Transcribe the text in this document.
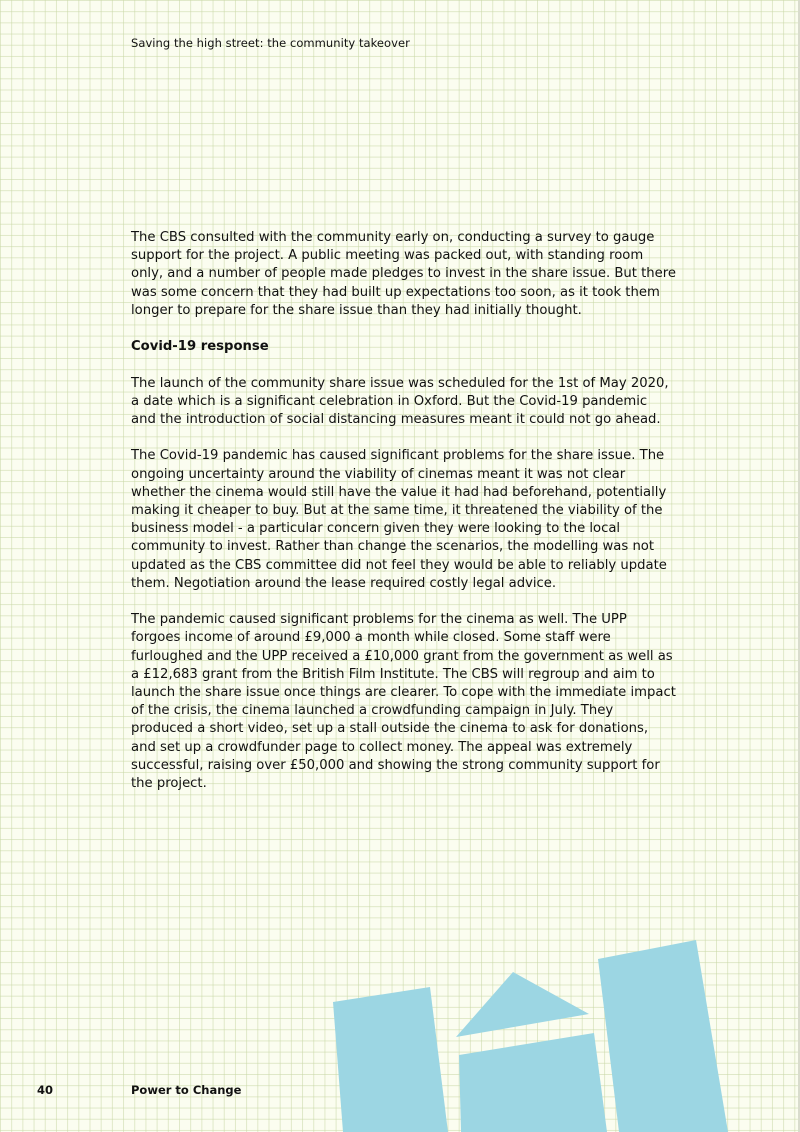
Saving the high street: the community takeover

The CBS consulted with the community early on, conducting a survey to gauge support for the project. A public meeting was packed out, with standing room only, and a number of people made pledges to invest in the share issue. But there was some concern that they had built up expectations too soon, as it took them longer to prepare for the share issue than they had initially thought.

Covid-19 response

The launch of the community share issue was scheduled for the 1st of May 2020, a date which is a significant celebration in Oxford. But the Covid-19 pandemic and the introduction of social distancing measures meant it could not go ahead.

The Covid-19 pandemic has caused significant problems for the share issue. The ongoing uncertainty around the viability of cinemas meant it was not clear whether the cinema would still have the value it had had beforehand, potentially making it cheaper to buy. But at the same time, it threatened the viability of the business model - a particular concern given they were looking to the local community to invest. Rather than change the scenarios, the modelling was not updated as the CBS committee did not feel they would be able to reliably update them. Negotiation around the lease required costly legal advice.

The pandemic caused significant problems for the cinema as well. The UPP forgoes income of around £9,000 a month while closed. Some staff were furloughed and the UPP received a £10,000 grant from the government as well as a £12,683 grant from the British Film Institute. The CBS will regroup and aim to launch the share issue once things are clearer. To cope with the immediate impact of the crisis, the cinema launched a crowdfunding campaign in July. They produced a short video, set up a stall outside the cinema to ask for donations, and set up a crowdfunder page to collect money. The appeal was extremely successful, raising over £50,000 and showing the strong community support for the project.

40	Power to Change
